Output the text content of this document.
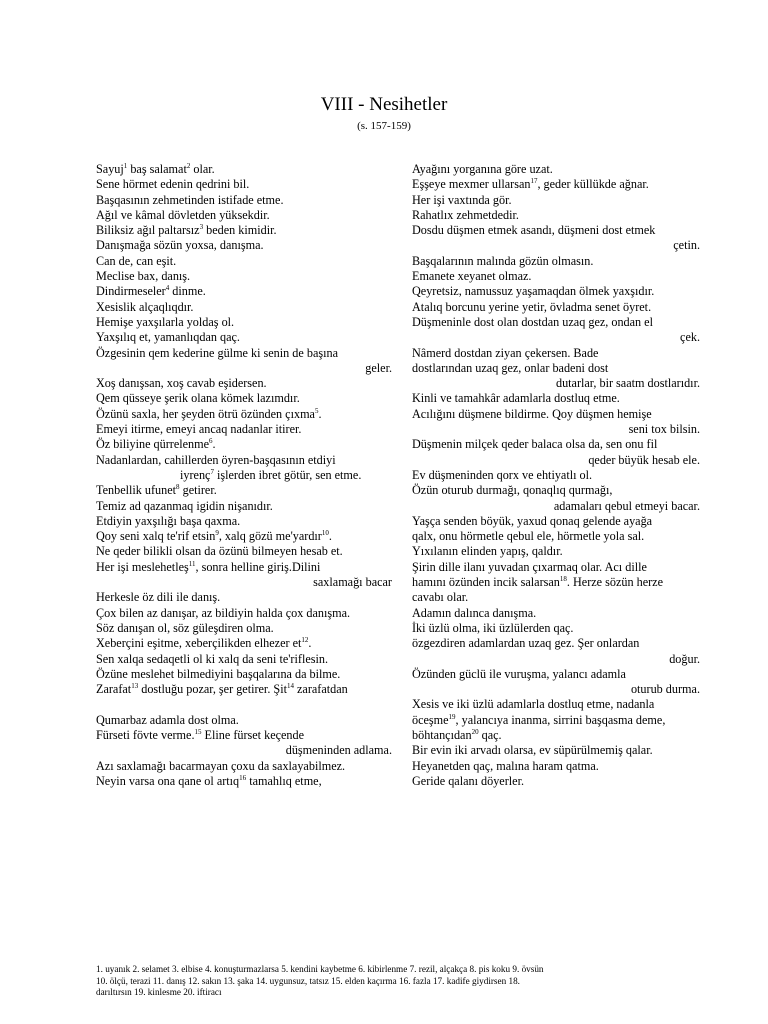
VIII - Nesihetler
(s. 157-159)
Sayuj$^1$ baş salamat$^2$ olar.
Sene hörmet edenin qedrini bil.
Başqasının zehmetinden istifade etme.
Ağıl ve kâmal dövletden yüksekdir.
Biliksiz ağıl paltarsız$^3$ beden kimidir.
Danışmağa sözün yoxsa, danışma.
Can de, can eşit.
Meclise bax, danış.
Dindirmeseler$^4$ dinme.
Xesislik alçaqlıqdır.
Hemişe yaxşılarla yoldaş ol.
Yaxşılıq et, yamanlıqdan qaç.
Özgesinin qem kederine gülme ki senin de başına
geler.
Xoş danışsan, xoş cavab eşidersen.
Qem qüsseye şerik olana kömek lazımdır.
Özünü saxla, her şeyden ötrü özünden çıxma$^5$.
Emeyi itirme, emeyi ancaq nadanlar itirer.
Öz biliyine qürrelenme$^6$.
Nadanlardan, cahillerden öyren-başqasının etdiyi
iyrenç$^7$ işlerden ibret götür, sen etme.
Tenbellik ufunet$^8$ getirer.
Temiz ad qazanmaq igidin nişanıdır.
Etdiyin yaxşılığı başa qaxma.
Qoy seni xalq te'rif etsin$^9$, xalq gözü me'yardır$^{10}$.
Ne qeder bilikli olsan da özünü bilmeyen hesab et.
Her işi meslehetleş$^{11}$, sonra helline giriş.Dilini
saxlamağı bacar
Herkesle öz dili ile danış.
Çox bilen az danışar, az bildiyin halda çox danışma.
Söz danışan ol, söz güleşdiren olma.
Xeberçini eşitme, xeberçilikden elhezer $et^{12}$.
Sen xalqa sedaqetli ol ki xalq da seni te'riflesin.
Özüne meslehet bilmediyini başqalarına da bilme.
Zarafat$^{13}$ dostluğu pozar, şer getirer. Şit$^{14}$ zarafatdan
Qumarbaz adamla dost olma.
Fürseti fövte verme.$^{15}$ Eline fürset keçende
düşmeninden adlama.
Azı saxlamağı bacarmayan çoxu da saxlayabilmez.
Neyin varsa ona qane ol artıq$^{16}$ tamahlıq etme,
Ayağını yorganına göre uzat.
Eşşeye mexmer ullarsan$^{17}$, geder küllükde ağnar.
Her işi vaxtında gör.
Rahatlıx zehmetdedir.
Dosdu düşmen etmek asandı, düşmeni dost etmek
çetin.
Başqalarının malında gözün olmasın.
Emanete xeyanet olmaz.
Qeyretsiz, namussuz yaşamaqdan ölmek yaxşıdır.
Atalıq borcunu yerine yetir, övladma senet öyret.
Düşmeninle dost olan dostdan uzaq gez, ondan el
çek.
Nâmerd dostdan ziyan çekersen. Bade
dostlarından uzaq gez, onlar badeni dost
dutarlar, bir saatm dostlarıdır.
Kinli ve tamahkâr adamlarla dostluq etme.
Acılığını düşmene bildirme. Qoy düşmen hemişe
seni tox bilsin.
Düşmenin milçek qeder balaca olsa da, sen onu fil
qeder büyük hesab ele.
Ev düşmeninden qorx ve ehtiyatlı ol.
Özün oturub durmağı, qonaqlıq qurmağı,
adamaları qebul etmeyi bacar.
Yaşça senden böyük, yaxud qonaq gelende ayağa
qalx, onu hörmetle qebul ele, hörmetle yola sal.
Yıxılanın elinden yapış, qaldır.
Şirin dille ilanı yuvadan çıxarmaq olar. Acı dille
hamını özünden incik salarsan$^{18}$. Herze sözün herze
cavabı olar.
Adamın dalınca danışma.
İki üzlü olma, iki üzlülerden qaç.
özgezdiren adamlardan uzaq gez. Şer onlardan
doğur.
Özünden güclü ile vuruşma, yalancı adamla
oturub durma.
Xesis ve iki üzlü adamlarla dostluq etme, nadanla
öceşme$^{19}$, yalancıya inanma, sirrini başqasma deme,
böhtançıdan$^{20}$ qaç.
Bir evin iki arvadı olarsa, ev süpürülmemiş qalar.
Heyanetden qaç, malına haram qatma.
Geride qalanı döyerler.
1. uyanık 2. selamet 3. elbise 4. konuşturmazlarsa 5. kendini kaybetme 6. kibirlenme 7. rezil, alçakça 8. pis koku 9. övsün
10. ölçü, terazi 11. danış 12. sakın 13. şaka 14. uygunsuz, tatsız 15. elden kaçırma 16. fazla 17. kadife giydirsen 18.
darıltırsın 19. kinlesme 20. iftiracı
